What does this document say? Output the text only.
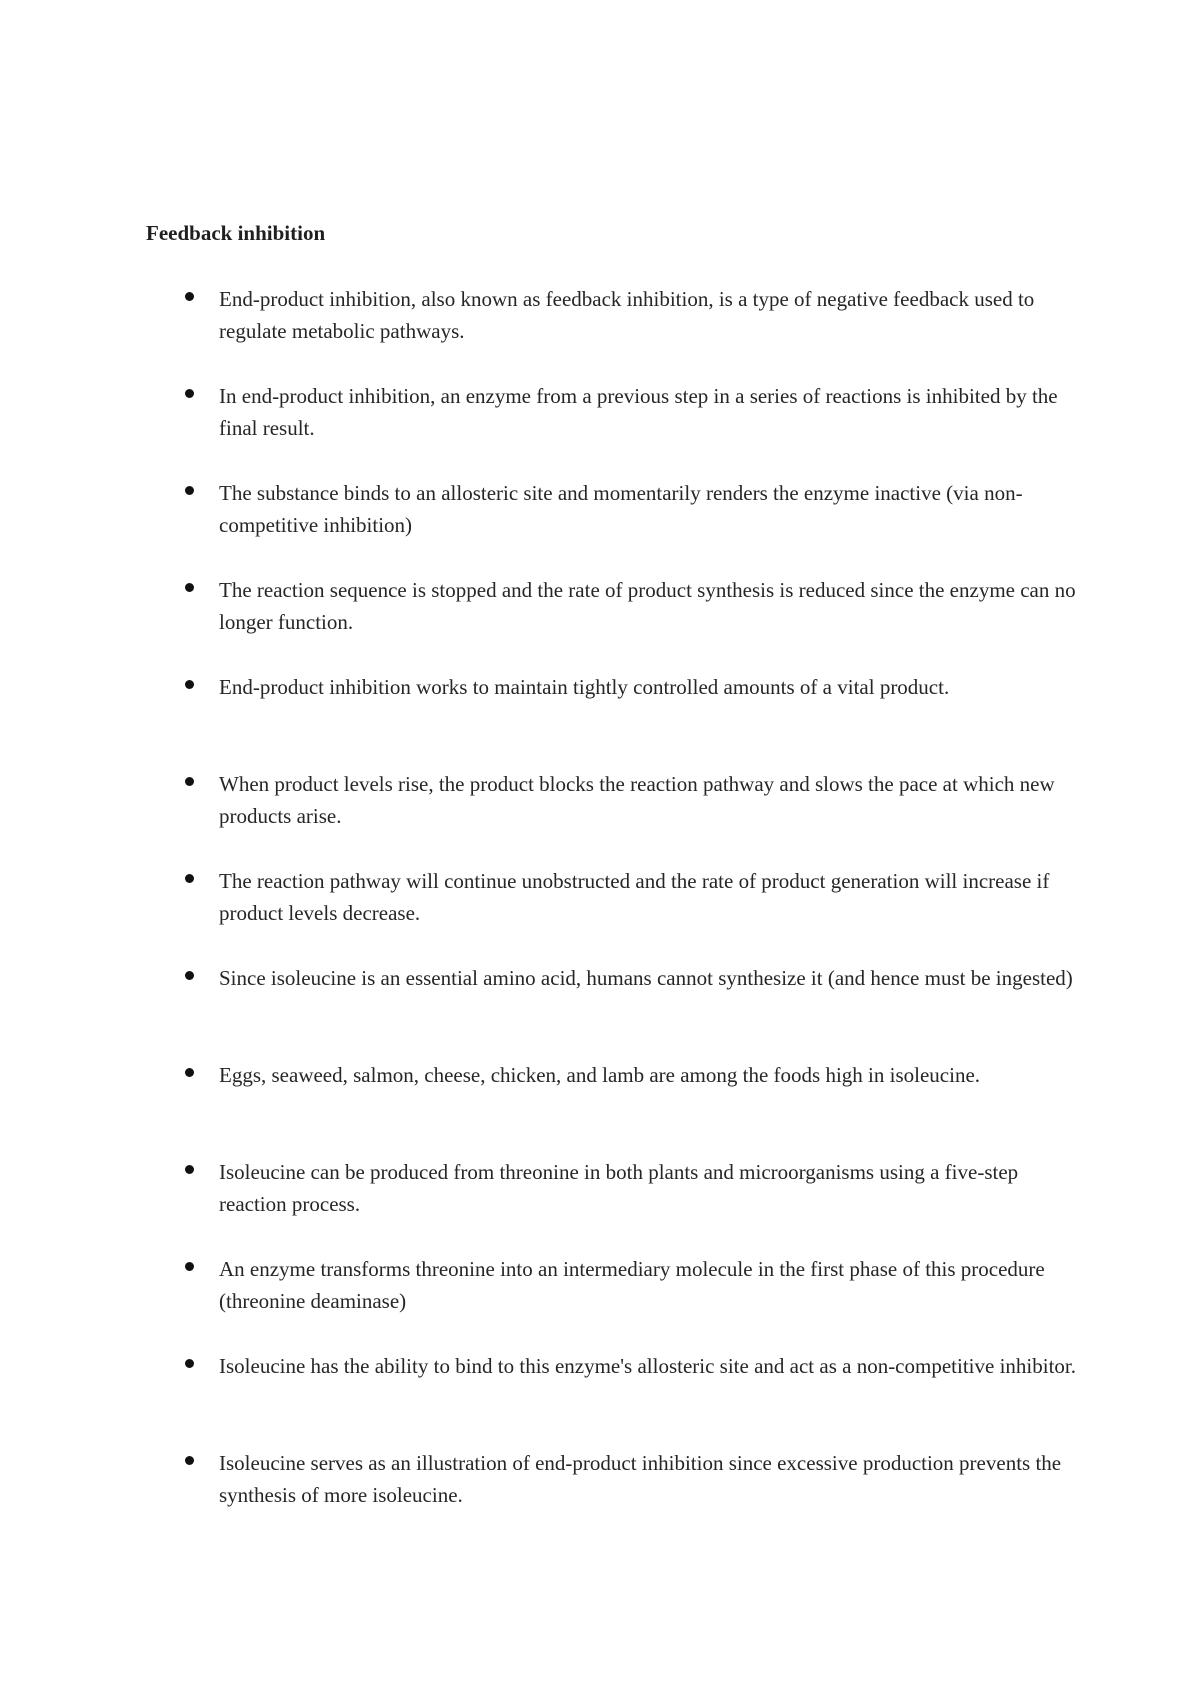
Feedback inhibition
End-product inhibition, also known as feedback inhibition, is a type of negative feedback used to regulate metabolic pathways.
In end-product inhibition, an enzyme from a previous step in a series of reactions is inhibited by the final result.
The substance binds to an allosteric site and momentarily renders the enzyme inactive (via non-competitive inhibition)
The reaction sequence is stopped and the rate of product synthesis is reduced since the enzyme can no longer function.
End-product inhibition works to maintain tightly controlled amounts of a vital product.
When product levels rise, the product blocks the reaction pathway and slows the pace at which new products arise.
The reaction pathway will continue unobstructed and the rate of product generation will increase if product levels decrease.
Since isoleucine is an essential amino acid, humans cannot synthesize it (and hence must be ingested)
Eggs, seaweed, salmon, cheese, chicken, and lamb are among the foods high in isoleucine.
Isoleucine can be produced from threonine in both plants and microorganisms using a five-step reaction process.
An enzyme transforms threonine into an intermediary molecule in the first phase of this procedure (threonine deaminase)
Isoleucine has the ability to bind to this enzyme's allosteric site and act as a non-competitive inhibitor.
Isoleucine serves as an illustration of end-product inhibition since excessive production prevents the synthesis of more isoleucine.
